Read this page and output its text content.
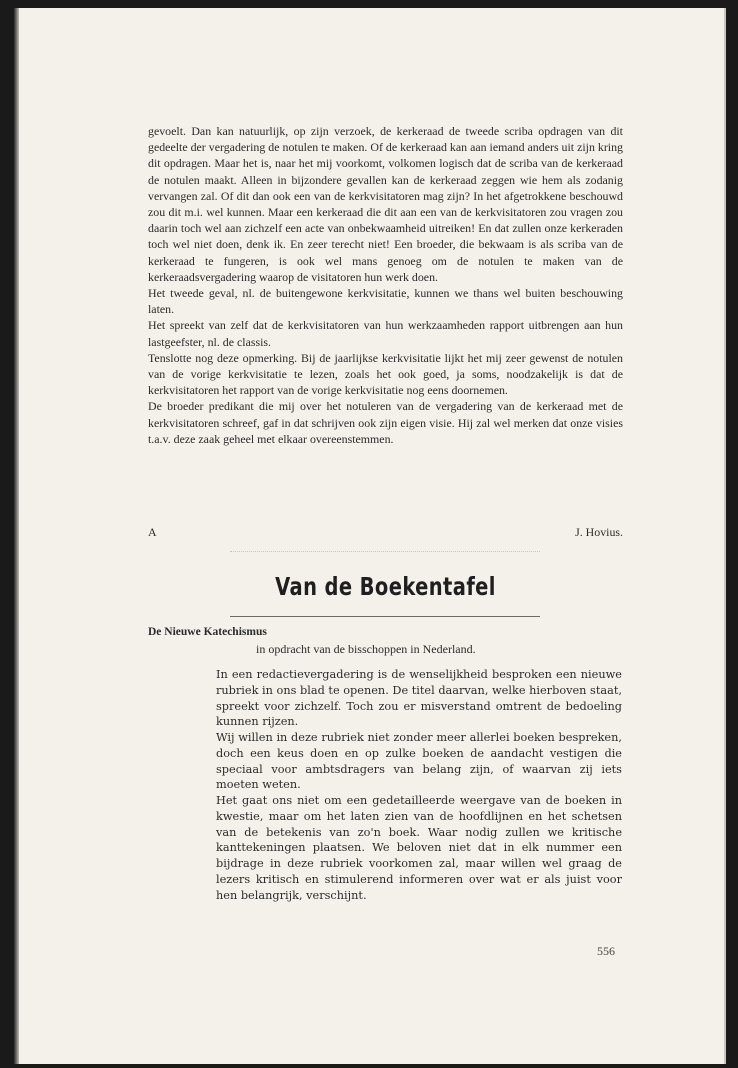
gevoelt. Dan kan natuurlijk, op zijn verzoek, de kerkeraad de tweede scriba opdragen van dit gedeelte der vergadering de notulen te maken. Of de kerkeraad kan aan iemand anders uit zijn kring dit opdragen. Maar het is, naar het mij voorkomt, volkomen logisch dat de scriba van de kerkeraad de notulen maakt. Alleen in bijzondere gevallen kan de kerkeraad zeggen wie hem als zodanig vervangen zal. Of dit dan ook een van de kerkvisitatoren mag zijn? In het afgetrokkene beschouwd zou dit m.i. wel kunnen. Maar een kerkeraad die dit aan een van de kerkvisitatoren zou vragen zou daarin toch wel aan zichzelf een acte van onbekwaamheid uitreiken! En dat zullen onze kerkeraden toch wel niet doen, denk ik. En zeer terecht niet! Een broeder, die bekwaam is als scriba van de kerkeraad te fungeren, is ook wel mans genoeg om de notulen te maken van de kerkeraadsvergadering waarop de visitatoren hun werk doen.

Het tweede geval, nl. de buitengewone kerkvisitatie, kunnen we thans wel buiten beschouwing laten.

Het spreekt van zelf dat de kerkvisitatoren van hun werkzaamheden rapport uitbrengen aan hun lastgeefster, nl. de classis.

Tenslotte nog deze opmerking. Bij de jaarlijkse kerkvisitatie lijkt het mij zeer gewenst de notulen van de vorige kerkvisitatie te lezen, zoals het ook goed, ja soms, noodzakelijk is dat de kerkvisitatoren het rapport van de vorige kerkvisitatie nog eens doornemen.

De broeder predikant die mij over het notuleren van de vergadering van de kerkeraad met de kerkvisitatoren schreef, gaf in dat schrijven ook zijn eigen visie. Hij zal wel merken dat onze visies t.a.v. deze zaak geheel met elkaar overeenstemmen.

A	J. Hovius.
Van de Boekentafel
De Nieuwe Katechismus
in opdracht van de bisschoppen in Nederland.

In een redactievergadering is de wenselijkheid besproken een nieuwe rubriek in ons blad te openen. De titel daarvan, welke hierboven staat, spreekt voor zichzelf. Toch zou er misverstand omtrent de bedoeling kunnen rijzen.

Wij willen in deze rubriek niet zonder meer allerlei boeken bespreken, doch een keus doen en op zulke boeken de aandacht vestigen die speciaal voor ambtsdragers van belang zijn, of waarvan zij iets moeten weten.

Het gaat ons niet om een gedetailleerde weergave van de boeken in kwestie, maar om het laten zien van de hoofdlijnen en het schetsen van de betekenis van zo'n boek. Waar nodig zullen we kritische kanttekeningen plaatsen. We beloven niet dat in elk nummer een bijdrage in deze rubriek voorkomen zal, maar willen wel graag de lezers kritisch en stimulerend informeren over wat er als juist voor hen belangrijk, verschijnt.

556
